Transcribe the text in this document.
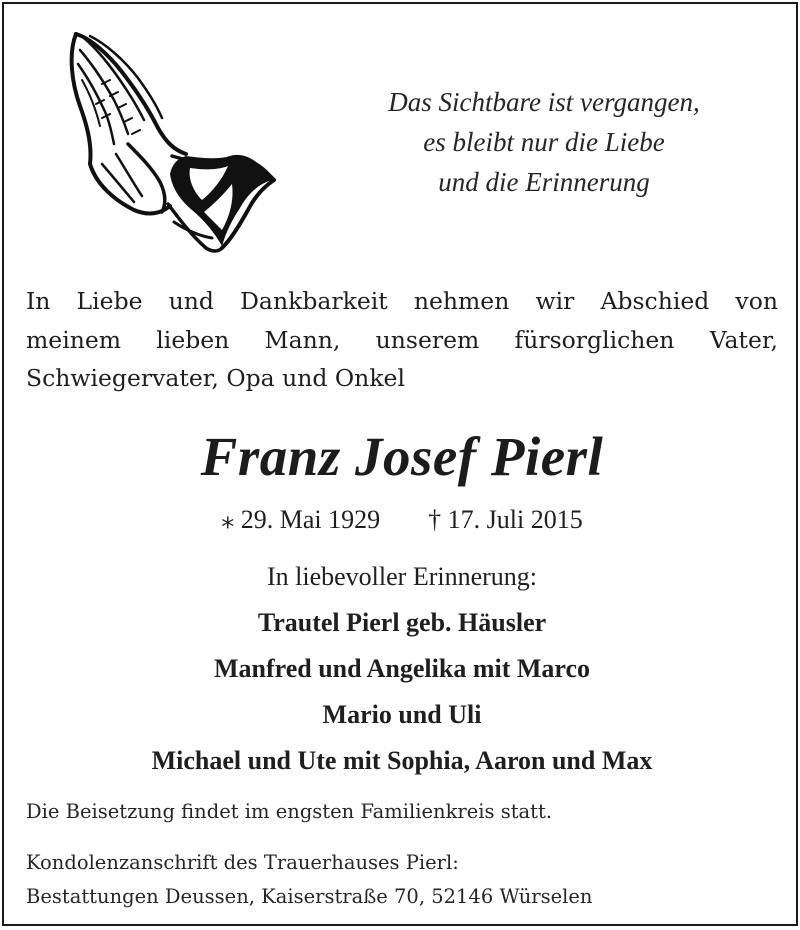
Das Sichtbare ist vergangen,
es bleibt nur die Liebe
und die Erinnerung
In Liebe und Dankbarkeit nehmen wir Abschied von
meinem lieben Mann, unserem fürsorglichen Vater,
Schwiegervater, Opa und Onkel
Franz Josef Pierl
⁎ 29. Mai 1929 † 17. Juli 2015
In liebevoller Erinnerung:
Trautel Pierl geb. Häusler
Manfred und Angelika mit Marco
Mario und Uli
Michael und Ute mit Sophia, Aaron und Max
Die Beisetzung findet im engsten Familienkreis statt.
Kondolenzanschrift des Trauerhauses Pierl:
Bestattungen Deussen, Kaiserstraße 70, 52146 Würselen
